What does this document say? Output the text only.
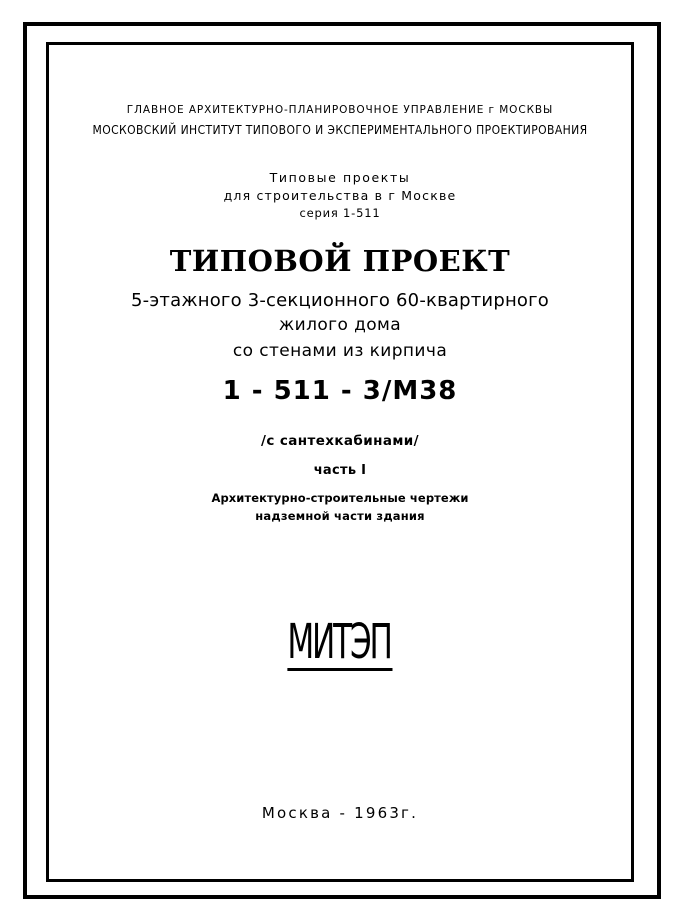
ГЛАВНОЕ АРХИТЕКТУРНО-ПЛАНИРОВОЧНОЕ УПРАВЛЕНИЕ г МОСКВЫ
МОСКОВСКИЙ ИНСТИТУТ ТИПОВОГО И ЭКСПЕРИМЕНТАЛЬНОГО ПРОЕКТИРОВАНИЯ
Типовые проекты
для строительства в г Москве
серия 1-511
ТИПОВОЙ ПРОЕКТ
5-этажного 3-секционного 60-квартирного
жилого дома
со стенами из кирпича
1 - 511 - 3/М38
/с сантехкабинами/
часть I
Архитектурно-строительные чертежи
надземной части здания
МИТЭП
Москва - 1963г.
